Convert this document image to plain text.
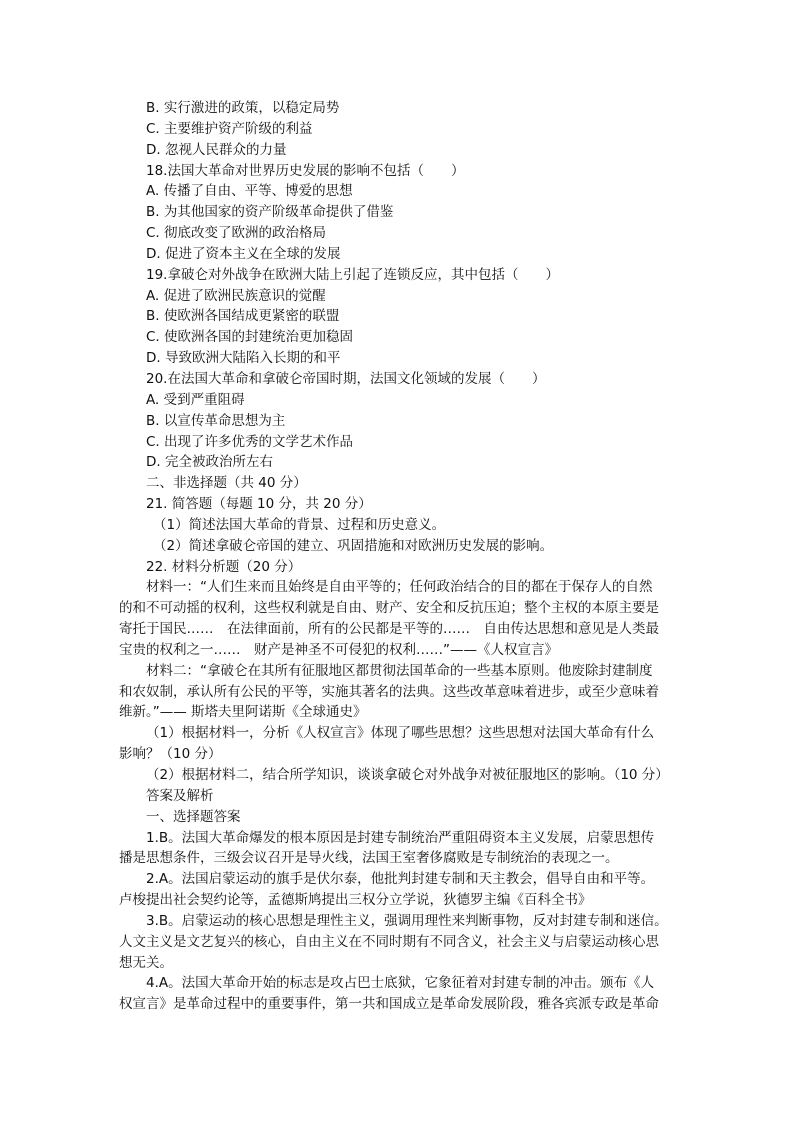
B. 实行激进的政策，以稳定局势
C. 主要维护资产阶级的利益
D. 忽视人民群众的力量
18.法国大革命对世界历史发展的影响不包括（　　）
A. 传播了自由、平等、博爱的思想
B. 为其他国家的资产阶级革命提供了借鉴
C. 彻底改变了欧洲的政治格局
D. 促进了资本主义在全球的发展
19.拿破仑对外战争在欧洲大陆上引起了连锁反应，其中包括（　　）
A. 促进了欧洲民族意识的觉醒
B. 使欧洲各国结成更紧密的联盟
C. 使欧洲各国的封建统治更加稳固
D. 导致欧洲大陆陷入长期的和平
20.在法国大革命和拿破仑帝国时期，法国文化领域的发展（　　）
A. 受到严重阻碍
B. 以宣传革命思想为主
C. 出现了许多优秀的文学艺术作品
D. 完全被政治所左右
二、非选择题（共 40 分）
21. 简答题（每题 10 分，共 20 分）
（1）简述法国大革命的背景、过程和历史意义。
（2）简述拿破仑帝国的建立、巩固措施和对欧洲历史发展的影响。
22. 材料分析题（20 分）
材料一：“人们生来而且始终是自由平等的；任何政治结合的目的都在于保存人的自然
的和不可动摇的权利，这些权利就是自由、财产、安全和反抗压迫；整个主权的本原主要是
寄托于国民……　在法律面前，所有的公民都是平等的……　自由传达思想和意见是人类最
宝贵的权利之一……　财产是神圣不可侵犯的权利……”——《人权宣言》
材料二：“拿破仑在其所有征服地区都贯彻法国革命的一些基本原则。他废除封建制度
和农奴制，承认所有公民的平等，实施其著名的法典。这些改革意味着进步，或至少意味着
维新。”—— 斯塔夫里阿诺斯《全球通史》
（1）根据材料一，分析《人权宣言》体现了哪些思想？这些思想对法国大革命有什么
影响？（10 分）
（2）根据材料二，结合所学知识，谈谈拿破仑对外战争对被征服地区的影响。（10 分）
答案及解析
一、选择题答案
1.B。法国大革命爆发的根本原因是封建专制统治严重阻碍资本主义发展，启蒙思想传
播是思想条件，三级会议召开是导火线，法国王室奢侈腐败是专制统治的表现之一。
2.A。法国启蒙运动的旗手是伏尔泰，他批判封建专制和天主教会，倡导自由和平等。
卢梭提出社会契约论等，孟德斯鸠提出三权分立学说，狄德罗主编《百科全书》
3.B。启蒙运动的核心思想是理性主义，强调用理性来判断事物，反对封建专制和迷信。
人文主义是文艺复兴的核心，自由主义在不同时期有不同含义，社会主义与启蒙运动核心思
想无关。
4.A。法国大革命开始的标志是攻占巴士底狱，它象征着对封建专制的冲击。颁布《人
权宣言》是革命过程中的重要事件，第一共和国成立是革命发展阶段，雅各宾派专政是革命
